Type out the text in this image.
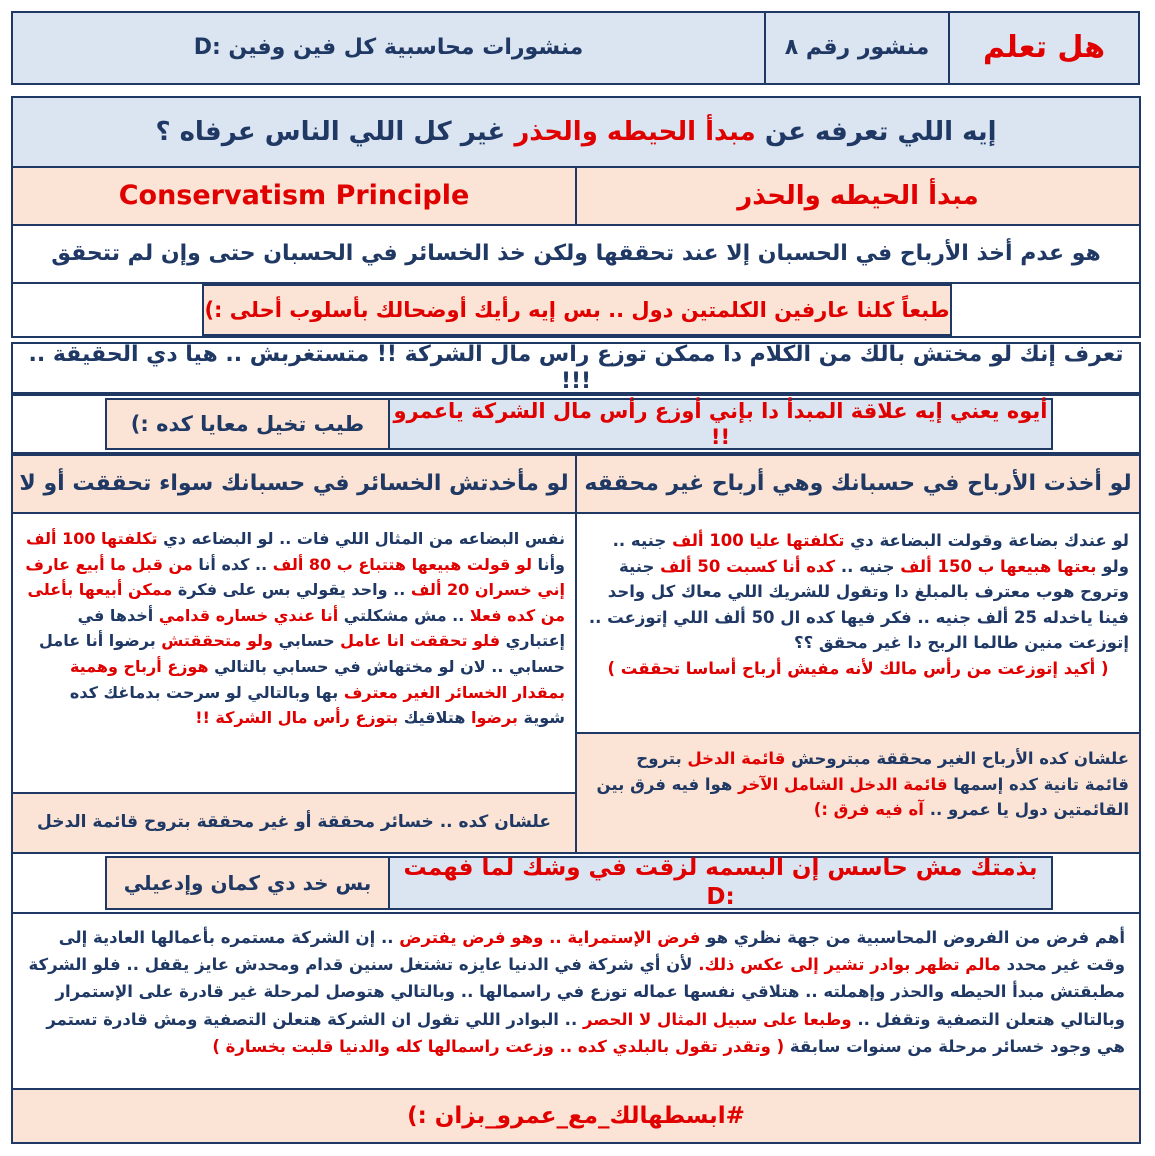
هل تعلم
منشور رقم ٨
منشورات محاسبية كل فين وفين :D
إيه اللي تعرفه عن مبدأ الحيطه والحذر غير كل اللي الناس عرفاه ؟
مبدأ الحيطه والحذر
Conservatism Principle
هو عدم أخذ الأرباح في الحسبان إلا عند تحققها ولكن خذ الخسائر في الحسبان حتى وإن لم تتحقق
طبعاً كلنا عارفين الكلمتين دول .. بس إيه رأيك أوضحالك بأسلوب أحلى :)
تعرف إنك لو مختش بالك من الكلام دا ممكن توزع راس مال الشركة !! متستغربش .. هيا دي الحقيقة .. !!!
أيوه يعني إيه علاقة المبدأ دا بإني أوزع رأس مال الشركة ياعمرو !!
طيب تخيل معايا كده :)
لو أخذت الأرباح في حسبانك وهي أرباح غير محققه
لو مأخدتش الخسائر في حسبانك سواء تحققت أو لا
لو عندك بضاعة وقولت البضاعة دي تكلفتها عليا 100 ألف جنيه .. ولو بعتها هبيعها ب 150 ألف جنيه .. كده أنا كسبت 50 ألف جنية وتروح هوب معترف بالمبلغ دا وتقول للشريك اللي معاك كل واحد فينا ياخدله 25 ألف جنيه .. فكر فيها كده ال 50 ألف اللي إتوزعت .. إتوزعت منين طالما الربح دا غير محقق ؟؟

( أكيد إتوزعت من رأس مالك لأنه مفيش أرباح أساسا تحققت )
علشان كده الأرباح الغير محققة مبتروحش قائمة الدخل بتروح قائمة تانية كده إسمها قائمة الدخل الشامل الآخر هوا فيه فرق بين القائمتين دول يا عمرو .. آه فيه فرق :)
نفس البضاعه من المثال اللي فات .. لو البضاعه دي تكلفتها 100 ألف وأنا لو قولت هبيعها هتتباع ب 80 ألف .. كده أنا من قبل ما أبيع عارف إني خسران 20 ألف .. واحد يقولي بس على فكرة ممكن أبيعها بأعلى من كده فعلا .. مش مشكلتي أنا عندي خساره قدامي أخدها في إعتباري فلو تحققت انا عامل حسابي ولو متحققتش برضوا أنا عامل حسابي .. لان لو مختهاش في حسابي بالتالي هوزع أرباح وهمية بمقدار الخسائر الغير معترف بها وبالتالي لو سرحت بدماغك كده شوية برضوا هتلاقيك بتوزع رأس مال الشركة !!
علشان كده .. خسائر محققة أو غير محققة بتروح قائمة الدخل
بذمتك مش حاسس إن البسمه لزقت في وشك لما فهمت :D
بس خد دي كمان وإدعيلي
أهم فرض من الفروض المحاسبية من جهة نظري هو فرض الإستمراية .. وهو فرض يفترض .. إن الشركة مستمره بأعمالها العادية إلى وقت غير محدد مالم تظهر بوادر تشير إلى عكس ذلك. لأن أي شركة في الدنيا عايزه تشتغل سنين قدام ومحدش عايز يقفل .. فلو الشركة مطبقتش مبدأ الحيطه والحذر وإهملته .. هتلاقي نفسها عماله توزع في راسمالها .. وبالتالي هتوصل لمرحلة غير قادرة على الإستمرار وبالتالي هتعلن التصفية وتقفل .. وطبعا على سبيل المثال لا الحصر .. البوادر اللي تقول ان الشركة هتعلن التصفية ومش قادرة تستمر هي وجود خسائر مرحلة من سنوات سابقة ( وتقدر تقول بالبلدي كده .. وزعت راسمالها كله والدنيا قلبت بخسارة )
#ابسطهالك_مع_عمرو_بزان :)
